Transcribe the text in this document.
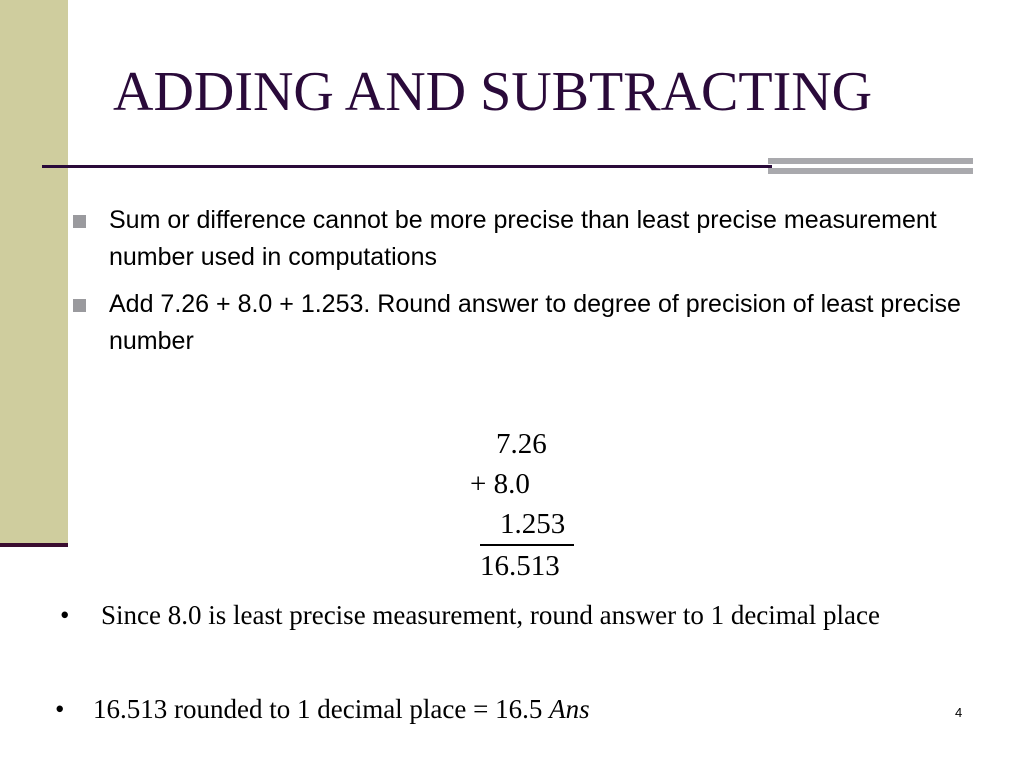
ADDING AND SUBTRACTING
Sum or difference cannot be more precise than least precise measurement number used in computations
Add 7.26 + 8.0 + 1.253. Round answer to degree of precision of least precise number
7.26
+ 8.0
1.253
16.513
• Since 8.0 is least precise measurement, round answer to 1 decimal place
• 16.513 rounded to 1 decimal place = 16.5 Ans	4
